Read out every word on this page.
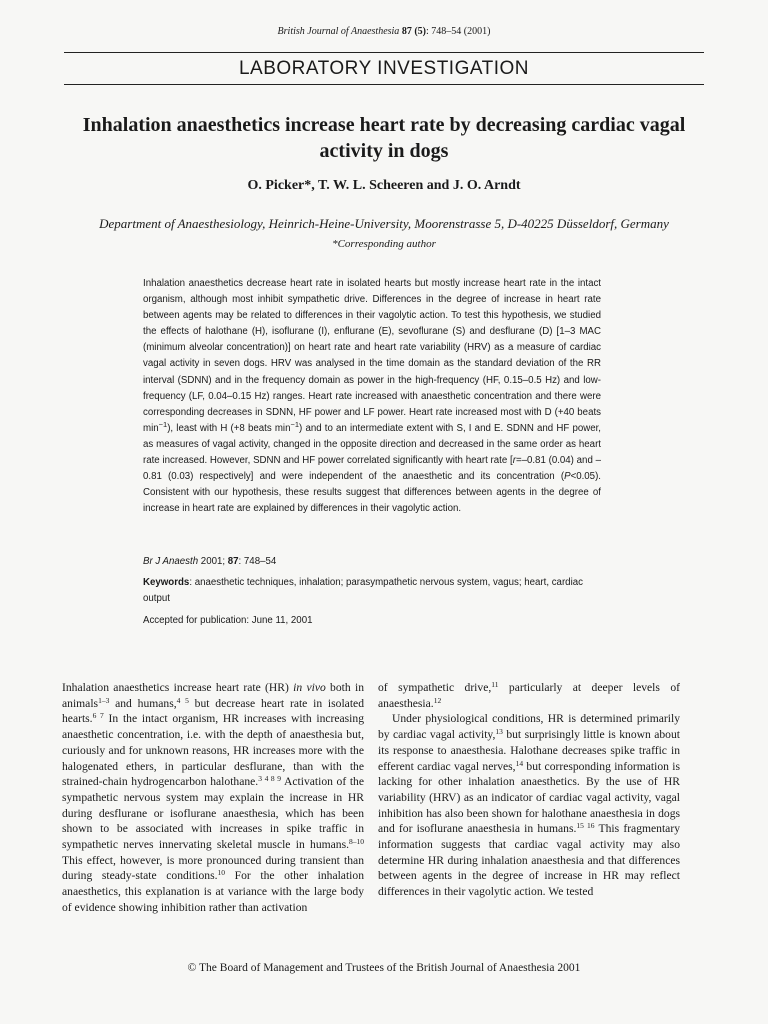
British Journal of Anaesthesia 87 (5): 748–54 (2001)
LABORATORY INVESTIGATION
Inhalation anaesthetics increase heart rate by decreasing cardiac vagal activity in dogs
O. Picker*, T. W. L. Scheeren and J. O. Arndt
Department of Anaesthesiology, Heinrich-Heine-University, Moorenstrasse 5, D-40225 Düsseldorf, Germany
*Corresponding author

Inhalation anaesthetics decrease heart rate in isolated hearts but mostly increase heart rate in the intact organism, although most inhibit sympathetic drive. Differences in the degree of increase in heart rate between agents may be related to differences in their vagolytic action. To test this hypothesis, we studied the effects of halothane (H), isoflurane (I), enflurane (E), sevoflurane (S) and desflurane (D) [1–3 MAC (minimum alveolar concentration)] on heart rate and heart rate variability (HRV) as a measure of cardiac vagal activity in seven dogs. HRV was analysed in the time domain as the standard deviation of the RR interval (SDNN) and in the frequency domain as power in the high-frequency (HF, 0.15–0.5 Hz) and low-frequency (LF, 0.04–0.15 Hz) ranges. Heart rate increased with anaesthetic concentration and there were corresponding decreases in SDNN, HF power and LF power. Heart rate increased most with D (+40 beats $\min^{-1}$), least with H (+8 beats $\min^{-1}$) and to an intermediate extent with S, I and E. SDNN and HF power, as measures of vagal activity, changed in the opposite direction and decreased in the same order as heart rate increased. However, SDNN and HF power correlated significantly with heart rate [r=–0.81 (0.04) and –0.81 (0.03) respectively] and were independent of the anaesthetic and its concentration (P<0.05). Consistent with our hypothesis, these results suggest that differences between agents in the degree of increase in heart rate are explained by differences in their vagolytic action.

Br J Anaesth 2001; 87: 748–54

Keywords: anaesthetic techniques, inhalation; parasympathetic nervous system, vagus; heart, cardiac output

Accepted for publication: June 11, 2001

Inhalation anaesthetics increase heart rate (HR) in vivo both in animals$^{1-3}$ and humans,$^{4 5}$ but decrease heart rate in isolated hearts.$^{6 7}$ In the intact organism, HR increases with increasing anaesthetic concentration, i.e. with the depth of anaesthesia but, curiously and for unknown reasons, HR increases more with the halogenated ethers, in particular desflurane, than with the strained-chain hydrogencarbon halothane.$^{3 4 8 9}$ Activation of the sympathetic nervous system may explain the increase in HR during desflurane or isoflurane anaesthesia, which has been shown to be associated with increases in spike traffic in sympathetic nerves innervating skeletal muscle in humans.$^{8-10}$ This effect, however, is more pronounced during transient than during steady-state conditions.$^{10}$ For the other inhalation anaesthetics, this explanation is at variance with the large body of evidence showing inhibition rather than activation

of sympathetic drive,$^{11}$ particularly at deeper levels of anaesthesia.$^{12}$

Under physiological conditions, HR is determined primarily by cardiac vagal activity,$^{13}$ but surprisingly little is known about its response to anaesthesia. Halothane decreases spike traffic in efferent cardiac vagal nerves,$^{14}$ but corresponding information is lacking for other inhalation anaesthetics. By the use of HR variability (HRV) as an indicator of cardiac vagal activity, vagal inhibition has also been shown for halothane anaesthesia in dogs and for isoflurane anaesthesia in humans.$^{15 16}$ This fragmentary information suggests that cardiac vagal activity may also determine HR during inhalation anaesthesia and that differences between agents in the degree of increase in HR may reflect differences in their vagolytic action. We tested

© The Board of Management and Trustees of the British Journal of Anaesthesia 2001
